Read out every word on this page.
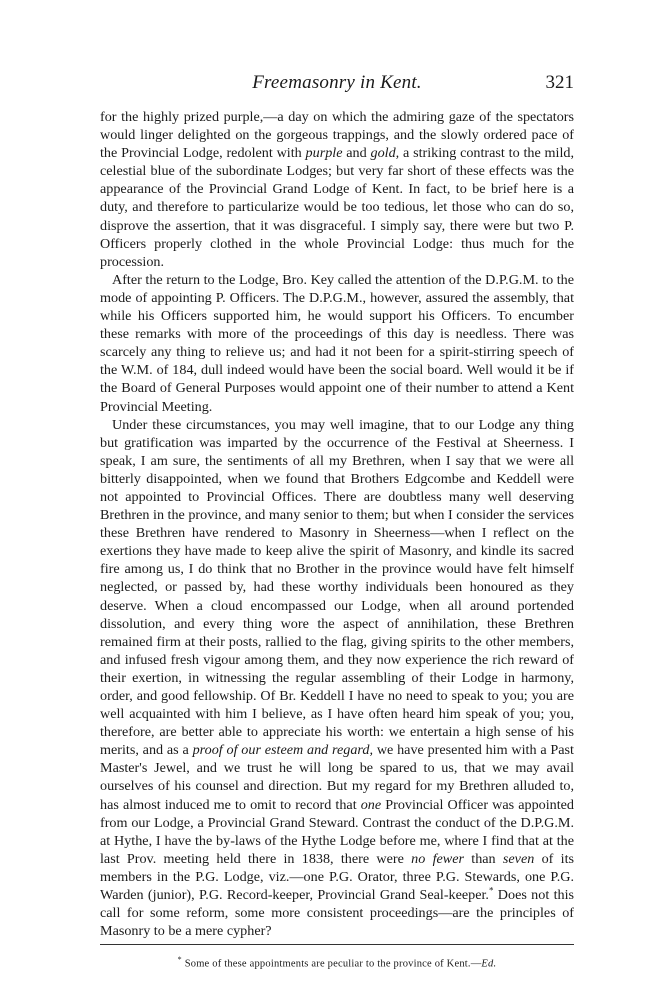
Freemasonry in Kent.	321

for the highly prized purple,—a day on which the admiring gaze of the spectators would linger delighted on the gorgeous trappings, and the slowly ordered pace of the Provincial Lodge, redolent with purple and gold, a striking contrast to the mild, celestial blue of the subordinate Lodges; but very far short of these effects was the appearance of the Provincial Grand Lodge of Kent. In fact, to be brief here is a duty, and therefore to particularize would be too tedious, let those who can do so, disprove the assertion, that it was disgraceful. I simply say, there were but two P. Officers properly clothed in the whole Provincial Lodge: thus much for the procession.

After the return to the Lodge, Bro. Key called the attention of the D.P.G.M. to the mode of appointing P. Officers. The D.P.G.M., however, assured the assembly, that while his Officers supported him, he would support his Officers. To encumber these remarks with more of the proceedings of this day is needless. There was scarcely any thing to relieve us; and had it not been for a spirit-stirring speech of the W.M. of 184, dull indeed would have been the social board. Well would it be if the Board of General Purposes would appoint one of their number to attend a Kent Provincial Meeting.

Under these circumstances, you may well imagine, that to our Lodge any thing but gratification was imparted by the occurrence of the Festival at Sheerness. I speak, I am sure, the sentiments of all my Brethren, when I say that we were all bitterly disappointed, when we found that Brothers Edgcombe and Keddell were not appointed to Provincial Offices. There are doubtless many well deserving Brethren in the province, and many senior to them; but when I consider the services these Brethren have rendered to Masonry in Sheerness—when I reflect on the exertions they have made to keep alive the spirit of Masonry, and kindle its sacred fire among us, I do think that no Brother in the province would have felt himself neglected, or passed by, had these worthy individuals been honoured as they deserve. When a cloud encompassed our Lodge, when all around portended dissolution, and every thing wore the aspect of annihilation, these Brethren remained firm at their posts, rallied to the flag, giving spirits to the other members, and infused fresh vigour among them, and they now experience the rich reward of their exertion, in witnessing the regular assembling of their Lodge in harmony, order, and good fellowship. Of Br. Keddell I have no need to speak to you; you are well acquainted with him I believe, as I have often heard him speak of you; you, therefore, are better able to appreciate his worth: we entertain a high sense of his merits, and as a proof of our esteem and regard, we have presented him with a Past Master's Jewel, and we trust he will long be spared to us, that we may avail ourselves of his counsel and direction. But my regard for my Brethren alluded to, has almost induced me to omit to record that one Provincial Officer was appointed from our Lodge, a Provincial Grand Steward. Contrast the conduct of the D.P.G.M. at Hythe, I have the by-laws of the Hythe Lodge before me, where I find that at the last Prov. meeting held there in 1838, there were no fewer than seven of its members in the P.G. Lodge, viz.—one P.G. Orator, three P.G. Stewards, one P.G. Warden (junior), P.G. Record-keeper, Provincial Grand Seal-keeper.* Does not this call for some reform, some more consistent proceedings—are the principles of Masonry to be a mere cypher?

* Some of these appointments are peculiar to the province of Kent.—Ed.
